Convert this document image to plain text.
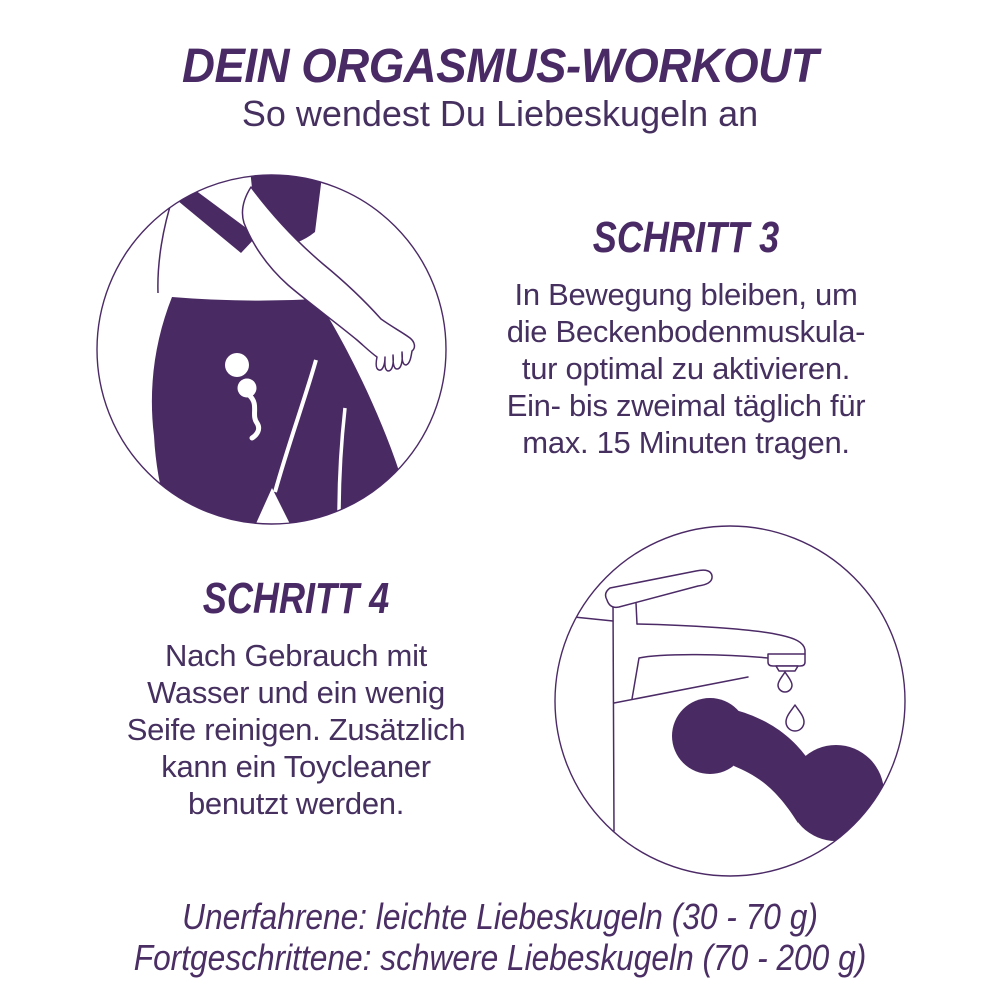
DEIN ORGASMUS-WORKOUT
So wendest Du Liebeskugeln an
SCHRITT 3
In Bewegung bleiben, um
die Beckenbodenmuskula-
tur optimal zu aktivieren.
Ein- bis zweimal täglich für
max. 15 Minuten tragen.
SCHRITT 4
Nach Gebrauch mit
Wasser und ein wenig
Seife reinigen. Zusätzlich
kann ein Toycleaner
benutzt werden.
Unerfahrene: leichte Liebeskugeln (30 - 70 g)
Fortgeschrittene: schwere Liebeskugeln (70 - 200 g)
